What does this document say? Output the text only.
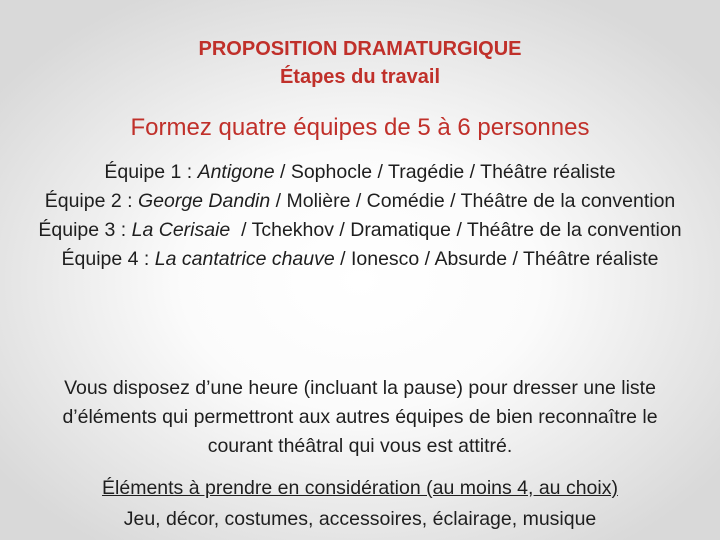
PROPOSITION DRAMATURGIQUE
Étapes du travail
Formez quatre équipes de 5 à 6 personnes
Équipe 1 : Antigone / Sophocle / Tragédie / Théâtre réaliste
Équipe 2 : George Dandin / Molière / Comédie / Théâtre de la convention
Équipe 3 : La Cerisaie  / Tchekhov / Dramatique / Théâtre de la convention
Équipe 4 : La cantatrice chauve / Ionesco / Absurde / Théâtre réaliste
Vous disposez d’une heure (incluant la pause) pour dresser une liste d’éléments qui permettront aux autres équipes de bien reconnaître le courant théâtral qui vous est attitré.
Éléments à prendre en considération (au moins 4, au choix)
Jeu, décor, costumes, accessoires, éclairage, musique
